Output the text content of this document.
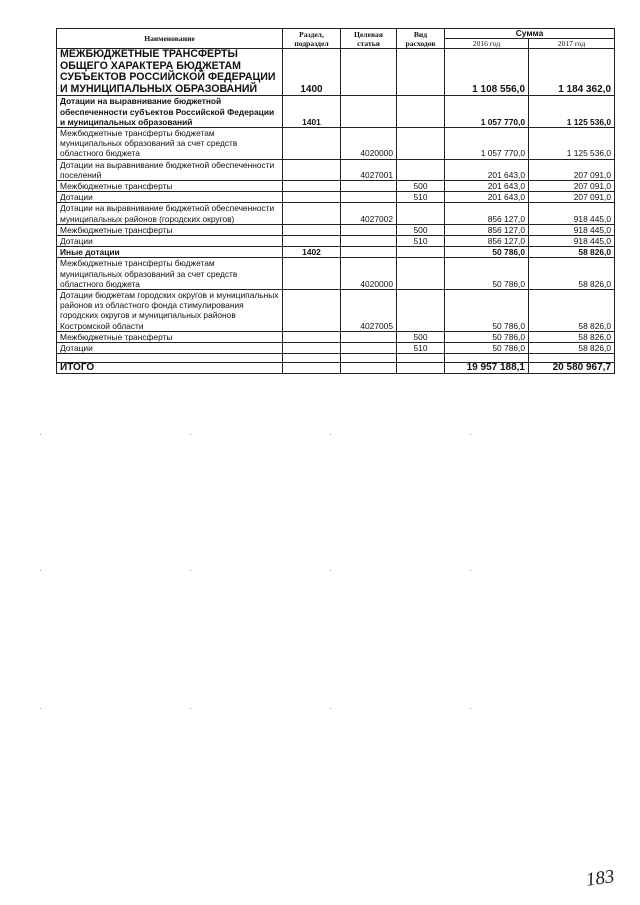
Наименование	Раздел, подраздел	Целевая статья	Вид расходов	Сумма	
				2016 год	2017 год
МЕЖБЮДЖЕТНЫЕ ТРАНСФЕРТЫ ОБЩЕГО ХАРАКТЕРА БЮДЖЕТАМ СУБЪЕКТОВ РОССИЙСКОЙ ФЕДЕРАЦИИ И МУНИЦИПАЛЬНЫХ ОБРАЗОВАНИЙ	1400			1 108 556,0	1 184 362,0
Дотации на выравнивание бюджетной обеспеченности субъектов Российской Федерации и муниципальных образований	1401			1 057 770,0	1 125 536,0
Межбюджетные трансферты бюджетам муниципальных образований за счет средств областного бюджета		4020000		1 057 770,0	1 125 536,0
Дотации на выравнивание бюджетной обеспеченности поселений		4027001		201 643,0	207 091,0
Межбюджетные трансферты			500	201 643,0	207 091,0
Дотации			510	201 643,0	207 091,0
Дотации на выравнивание бюджетной обеспеченности муниципальных районов (городских округов)		4027002		856 127,0	918 445,0
Межбюджетные трансферты			500	856 127,0	918 445,0
Дотации			510	856 127,0	918 445,0
Иные дотации	1402			50 786,0	58 826,0
Межбюджетные трансферты бюджетам муниципальных образований за счет средств областного бюджета		4020000		50 786,0	58 826,0
Дотации бюджетам городских округов и муниципальных районов из областного фонда стимулирования городских округов и муниципальных районов Костромской области		4027005		50 786,0	58 826,0
Межбюджетные трансферты			500	50 786,0	58 826,0
Дотации			510	50 786,0	58 826,0

ИТОГО				19 957 188,1	20 580 967,7
183
